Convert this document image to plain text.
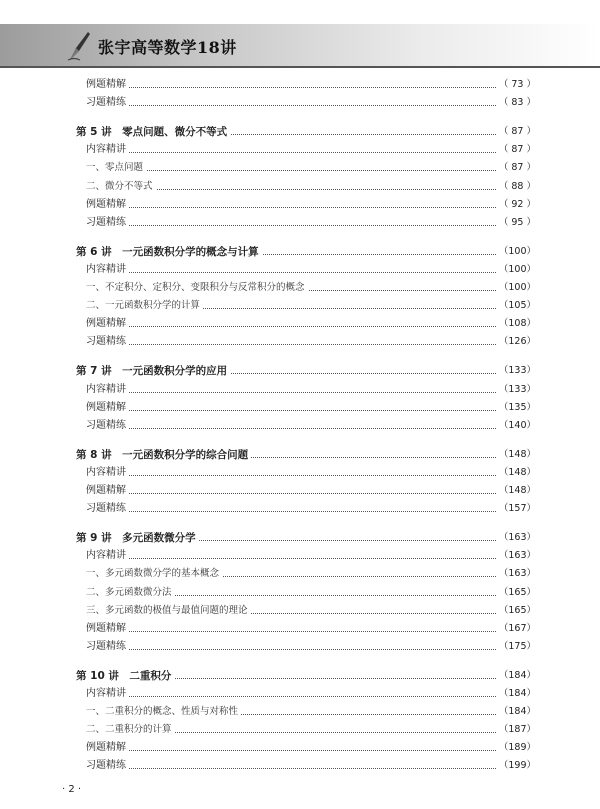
张宇高等数学18讲
例题精解	（ 73 ）
习题精练	（ 83 ）
第 5 讲　零点问题、微分不等式	（ 87 ）
内容精讲	（ 87 ）
一、零点问题	（ 87 ）
二、微分不等式	（ 88 ）
例题精解	（ 92 ）
习题精练	（ 95 ）
第 6 讲　一元函数积分学的概念与计算	（100）
内容精讲	（100）
一、不定积分、定积分、变限积分与反常积分的概念	（100）
二、一元函数积分学的计算	（105）
例题精解	（108）
习题精练	（126）
第 7 讲　一元函数积分学的应用	（133）
内容精讲	（133）
例题精解	（135）
习题精练	（140）
第 8 讲　一元函数积分学的综合问题	（148）
内容精讲	（148）
例题精解	（148）
习题精练	（157）
第 9 讲　多元函数微分学	（163）
内容精讲	（163）
一、多元函数微分学的基本概念	（163）
二、多元函数微分法	（165）
三、多元函数的极值与最值问题的理论	（165）
例题精解	（167）
习题精练	（175）
第 10 讲　二重积分	（184）
内容精讲	（184）
一、二重积分的概念、性质与对称性	（184）
二、二重积分的计算	（187）
例题精解	（189）
习题精练	（199）
· 2 ·
